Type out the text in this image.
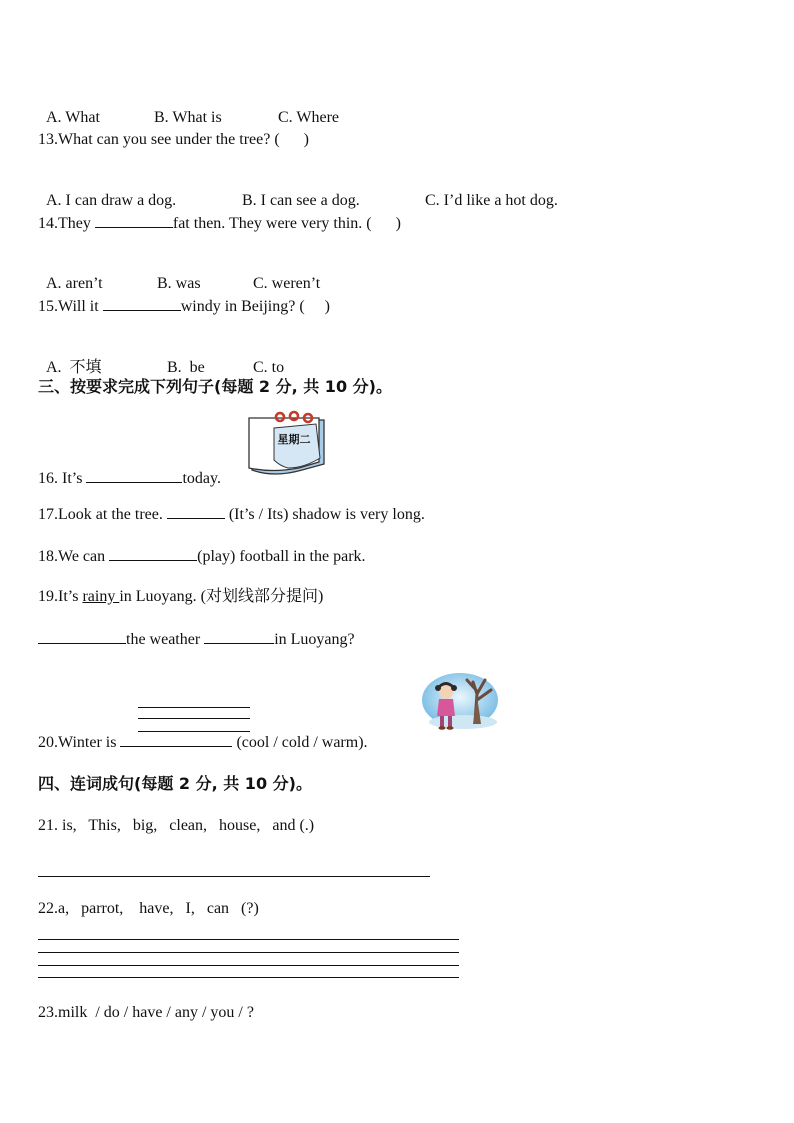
A. What	B. What is	C. Where

13.What can you see under the tree? (      )

A. I can draw a dog.	B. I can see a dog.	C. I’d like a hot dog.

14.They	fat then. They were very thin. (      )

A. aren’t	B. was	C. weren’t

15.Will it	windy in Beijing? (     )

A.  不填	B.  be	C. to

三、按要求完成下列句子(每题 2 分, 共 10 分)。
星期二
16. It’s	today.
17.Look at the tree.	(It’s / Its) shadow is very long.
18.We can	(play) football in the park.
19.It’s rainy in Luoyang. (对划线部分提问)
the weather	in Luoyang?
20.Winter is	(cool / cold / warm).
四、连词成句(每题 2 分, 共 10 分)。
21. is,   This,   big,   clean,   house,   and (.)
22.a,   parrot,    have,   I,   can   (?)
23.milk  / do / have / any / you / ?
